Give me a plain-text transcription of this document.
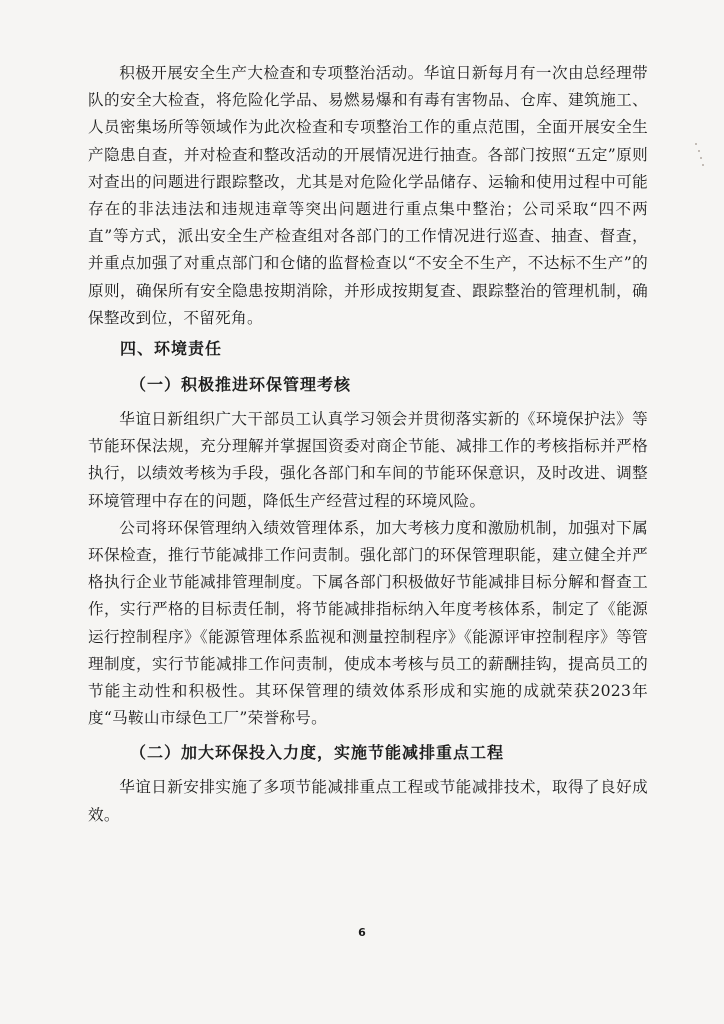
积极开展安全生产大检查和专项整治活动。华谊日新每月有一次由总经理带队的安全大检查，将危险化学品、易燃易爆和有毒有害物品、仓库、建筑施工、人员密集场所等领域作为此次检查和专项整治工作的重点范围，全面开展安全生产隐患自查，并对检查和整改活动的开展情况进行抽查。各部门按照“五定”原则对查出的问题进行跟踪整改，尤其是对危险化学品储存、运输和使用过程中可能存在的非法违法和违规违章等突出问题进行重点集中整治；公司采取“四不两直”等方式，派出安全生产检查组对各部门的工作情况进行巡查、抽查、督查，并重点加强了对重点部门和仓储的监督检查以“不安全不生产，不达标不生产”的原则，确保所有安全隐患按期消除，并形成按期复查、跟踪整治的管理机制，确保整改到位，不留死角。

四、环境责任
（一）积极推进环保管理考核

华谊日新组织广大干部员工认真学习领会并贯彻落实新的《环境保护法》等节能环保法规，充分理解并掌握国资委对商企节能、减排工作的考核指标并严格执行，以绩效考核为手段，强化各部门和车间的节能环保意识，及时改进、调整环境管理中存在的问题，降低生产经营过程的环境风险。

公司将环保管理纳入绩效管理体系，加大考核力度和激励机制，加强对下属环保检查，推行节能减排工作问责制。强化部门的环保管理职能，建立健全并严格执行企业节能减排管理制度。下属各部门积极做好节能减排目标分解和督查工作，实行严格的目标责任制，将节能减排指标纳入年度考核体系，制定了《能源运行控制程序》《能源管理体系监视和测量控制程序》《能源评审控制程序》等管理制度，实行节能减排工作问责制，使成本考核与员工的薪酬挂钩，提高员工的节能主动性和积极性。其环保管理的绩效体系形成和实施的成就荣获2023年度“马鞍山市绿色工厂”荣誉称号。

（二）加大环保投入力度，实施节能减排重点工程

华谊日新安排实施了多项节能减排重点工程或节能减排技术，取得了良好成效。

6
